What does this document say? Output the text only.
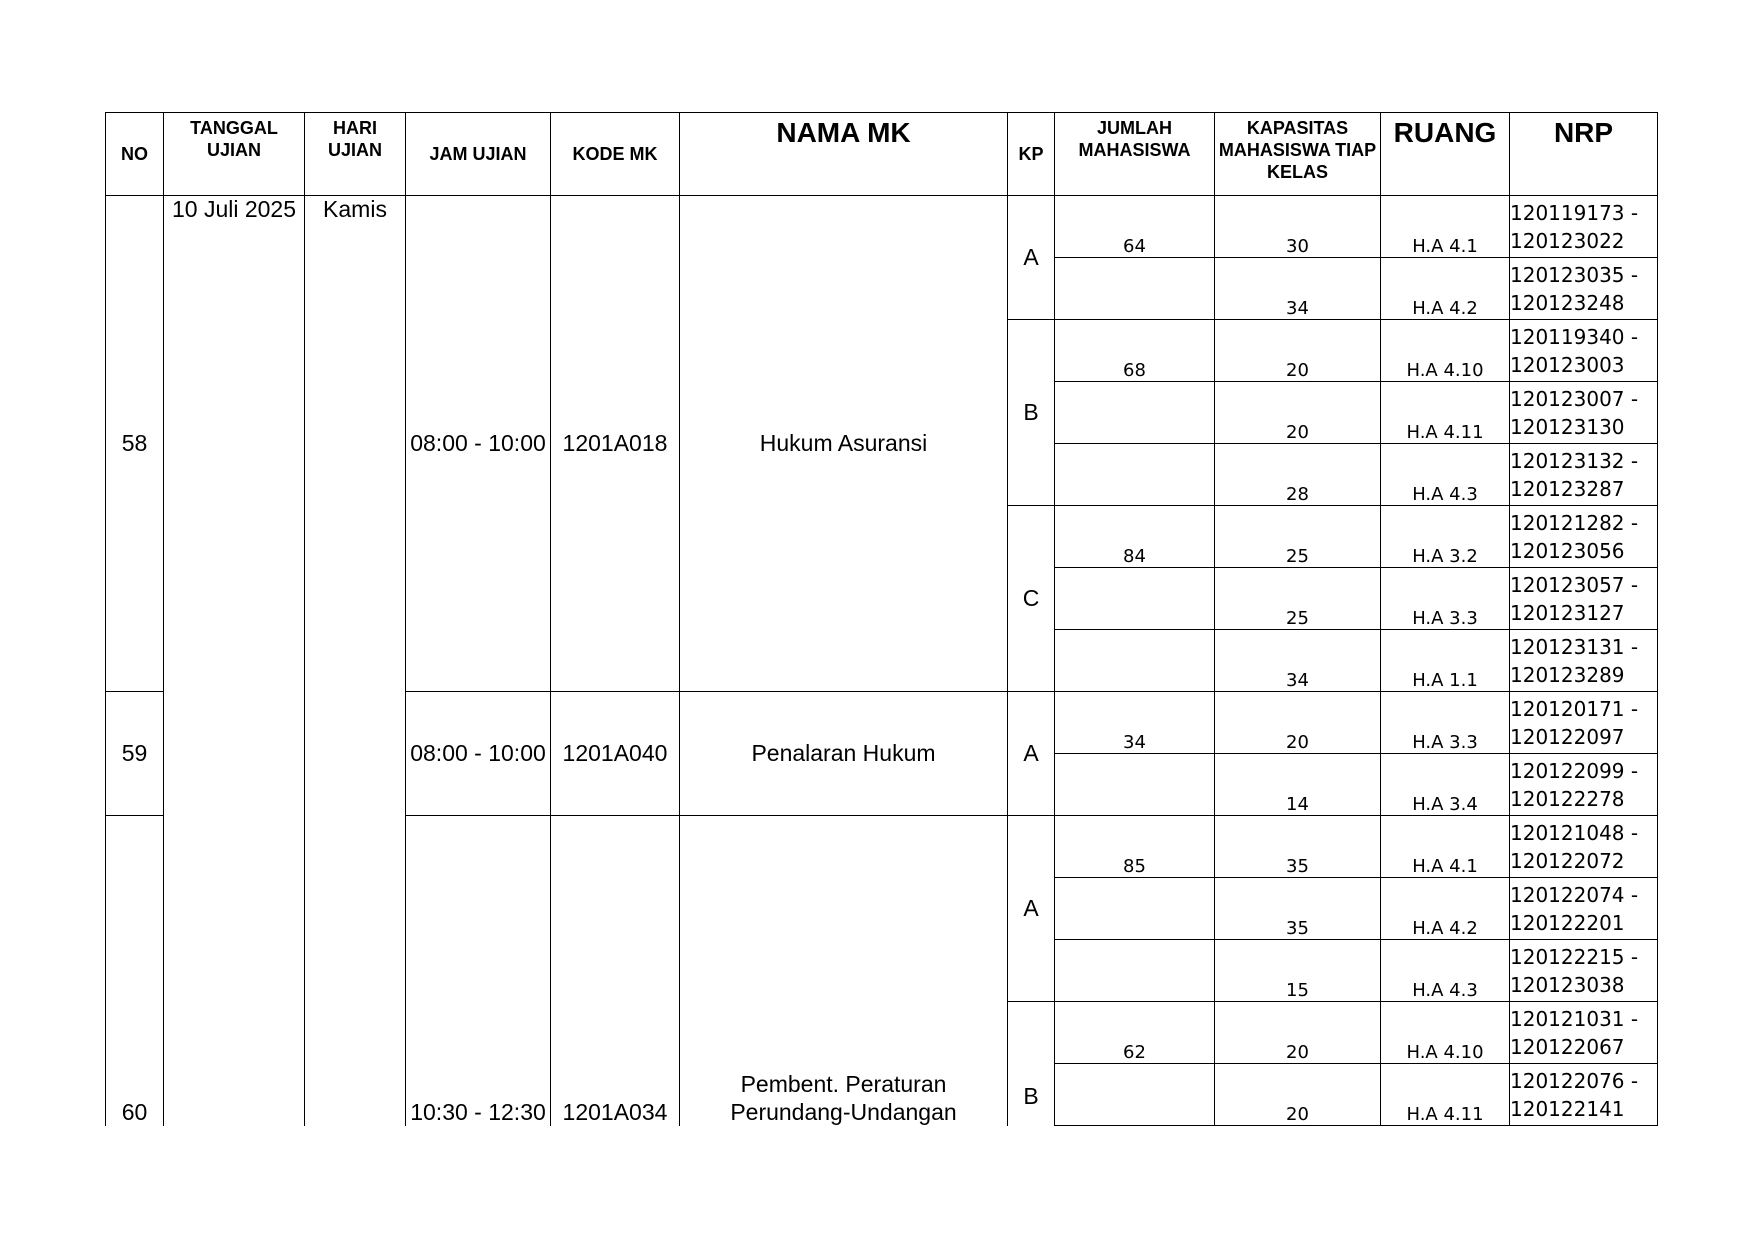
NO	TANGGAL UJIAN	HARI UJIAN	JAM UJIAN	KODE MK	NAMA MK	KP	JUMLAH MAHASISWA	KAPASITAS MAHASISWA TIAP KELAS	RUANG	NRP
58	10 Juli 2025	Kamis	08:00 - 10:00	1201A018	Hukum Asuransi	A	64	30	H.A 4.1	120119173 -
120123022

								34	H.A 4.2	120123035 -
120123248

						B	68	20	H.A 4.10	120119340 -
120123003

								20	H.A 4.11	120123007 -
120123130

								28	H.A 4.3	120123132 -
120123287

						C	84	25	H.A 3.2	120121282 -
120123056

								25	H.A 3.3	120123057 -
120123127

								34	H.A 1.1	120123131 -
120123289

59			08:00 - 10:00	1201A040	Penalaran Hukum	A	34	20	H.A 3.3	120120171 -
120122097

								14	H.A 3.4	120122099 -
120122278

60			10:30 - 12:30	1201A034	Pembent. Peraturan
Perundang-Undangan	A	85	35	H.A 4.1	120121048 -
120122072

								35	H.A 4.2	120122074 -
120122201

								15	H.A 4.3	120122215 -
120123038

						B	62	20	H.A 4.10	120121031 -
120122067

								20	H.A 4.11	120122076 -
120122141
